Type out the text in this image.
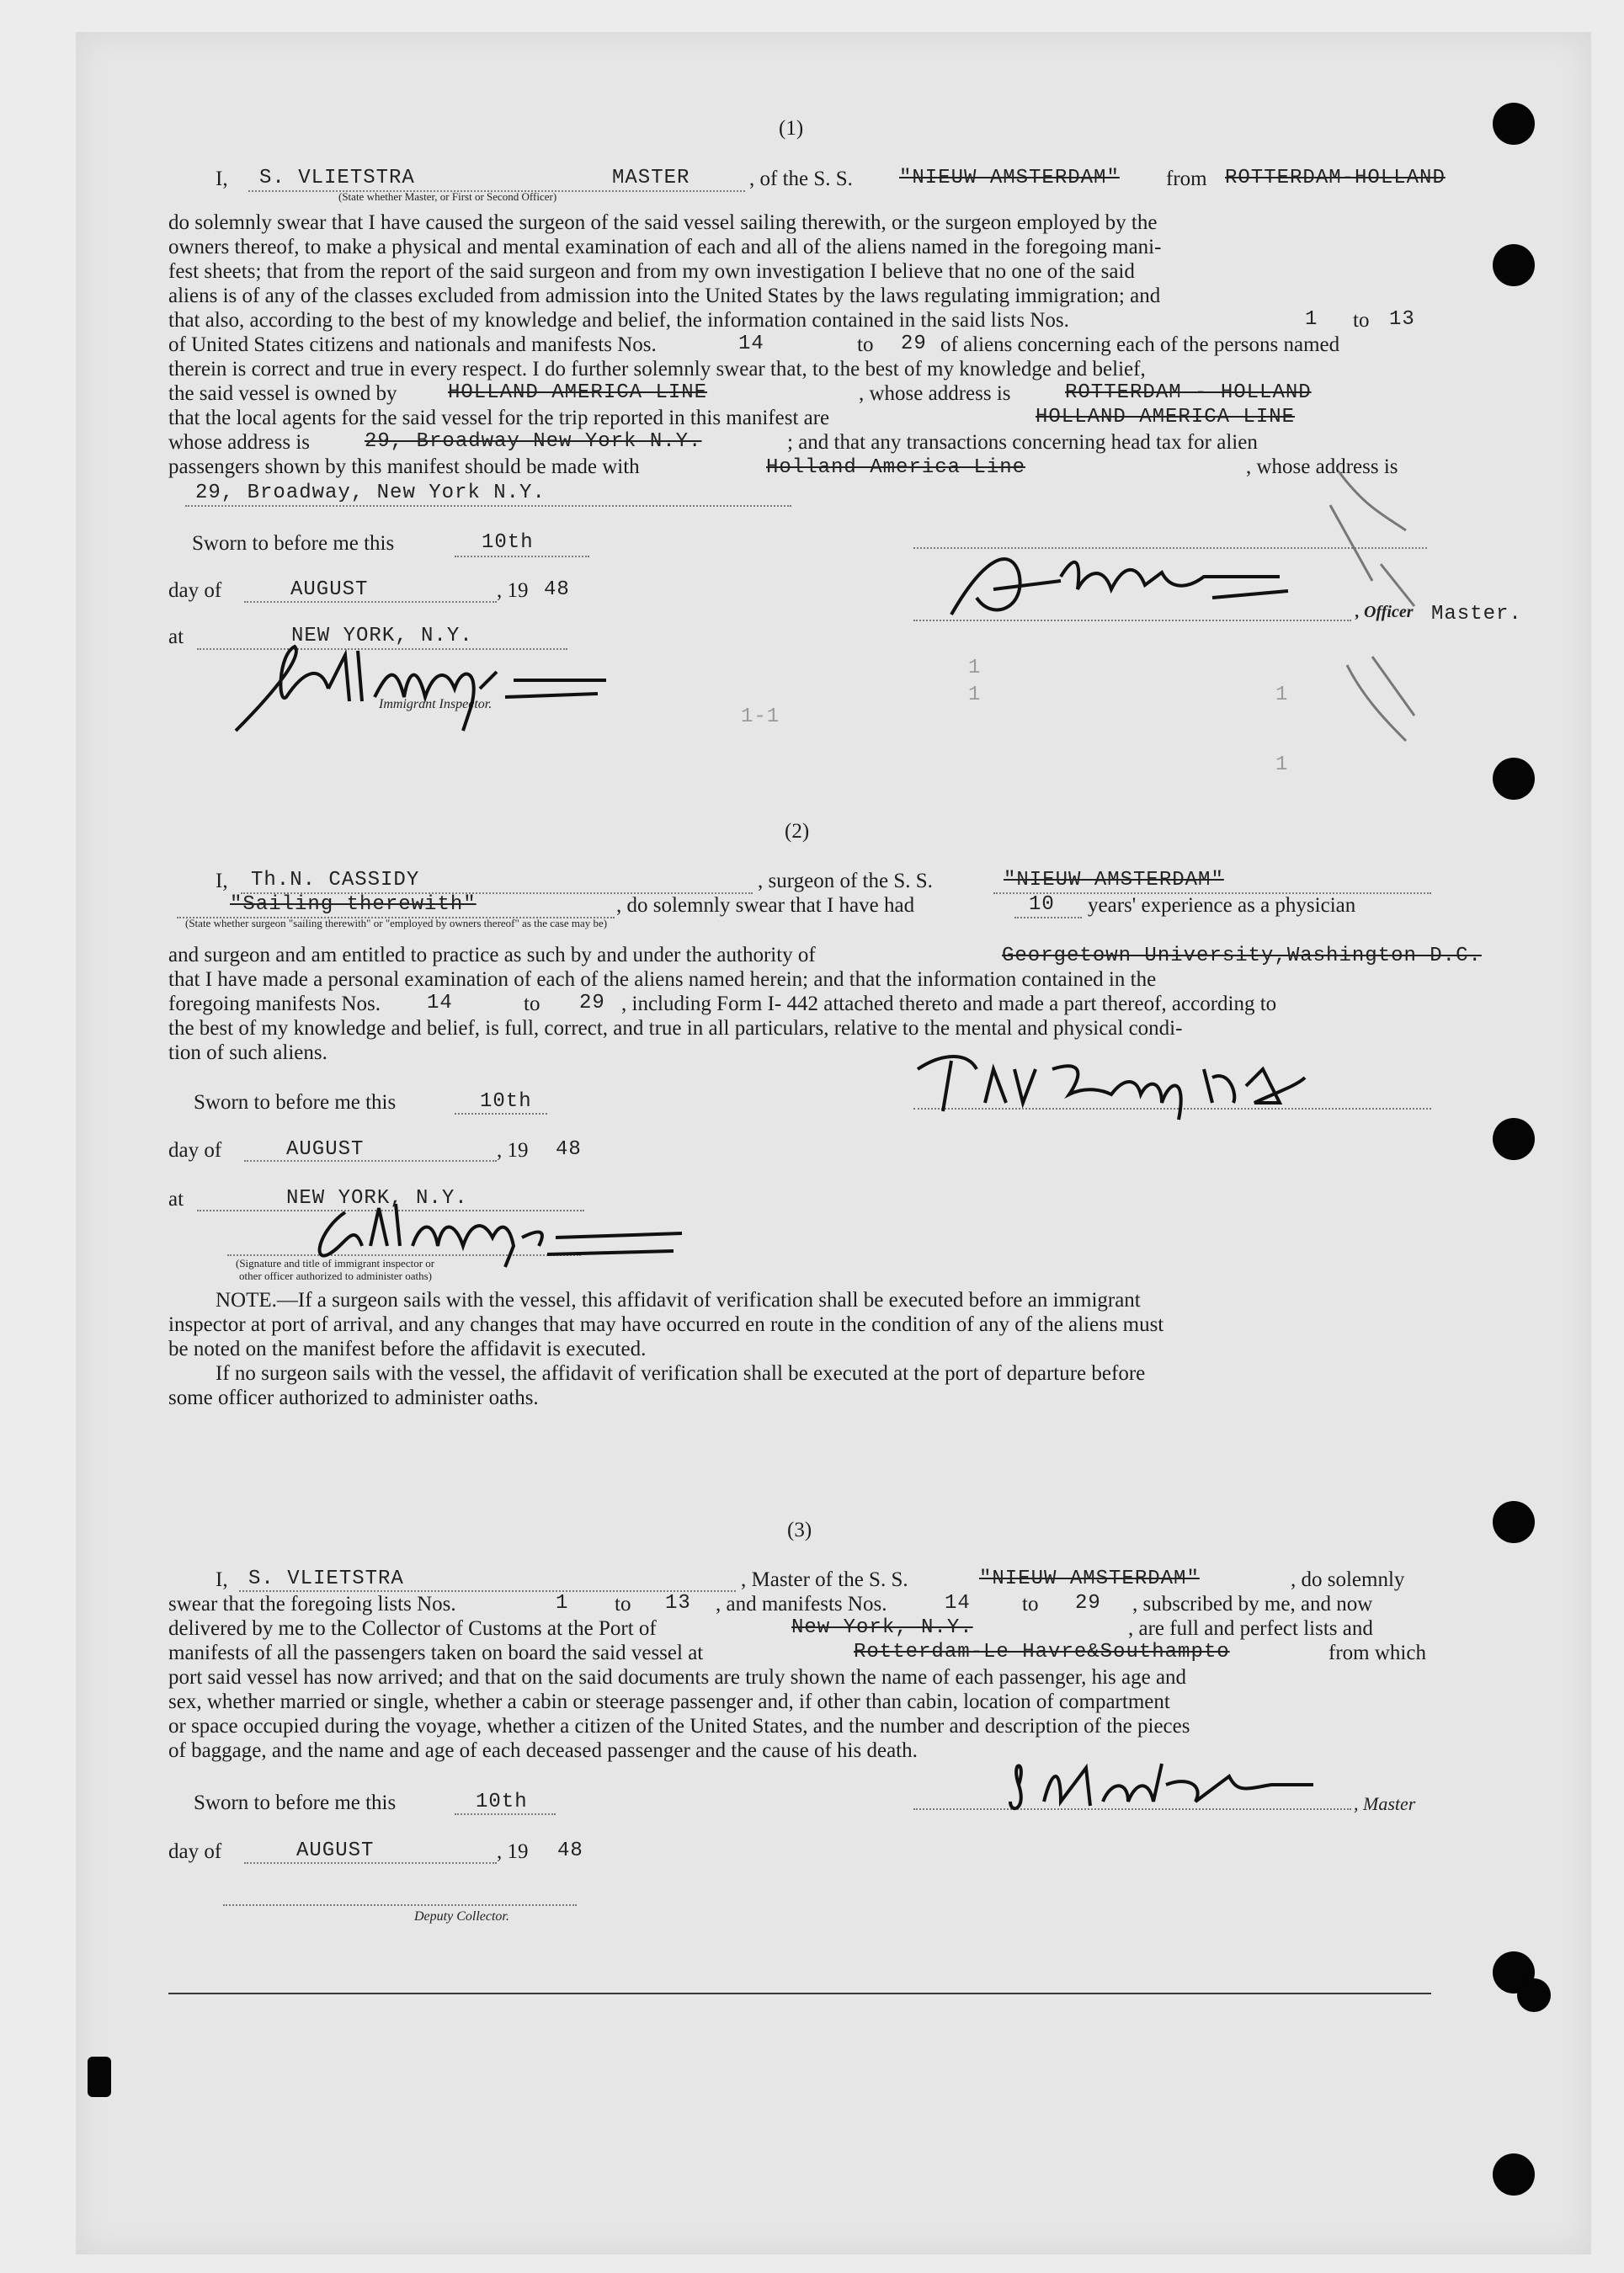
(1)
I, S. VLIETSTRA	MASTER
(State whether Master, or First or Second Officer)
, of the S. S. "NIEUW AMSTERDAM" from ROTTERDAM-HOLLAND
do solemnly swear that I have caused the surgeon of the said vessel sailing therewith, or the surgeon employed by the
owners thereof, to make a physical and mental examination of each and all of the aliens named in the foregoing mani-
fest sheets; that from the report of the said surgeon and from my own investigation I believe that no one of the said
aliens is of any of the classes excluded from admission into the United States by the laws regulating immigration; and
that also, according to the best of my knowledge and belief, the information contained in the said lists Nos.	1 to 13
of United States citizens and nationals and manifests Nos.	14	to 29 of aliens concerning each of the persons named
therein is correct and true in every respect. I do further solemnly swear that, to the best of my knowledge and belief,
the said vessel is owned by	HOLLAND AMERICA LINE	, whose address is	ROTTERDAM - HOLLAND
that the local agents for the said vessel for the trip reported in this manifest are	HOLLAND AMERICA LINE
whose address is	29, Broadway New York N.Y.	; and that any transactions concerning head tax for alien
passengers shown by this manifest should be made with	Holland America Line	, whose address is
29, Broadway, New York N.Y.
Sworn to before me this	10th
day of	AUGUST	, 19 48
at	NEW YORK, N.Y.
, Officer Master.
Immigrant Inspector.
1
1	1
1
1-1
(2)
I, Th.N. CASSIDY	, surgeon of the S. S.	"NIEUW AMSTERDAM"
"Sailing therewith"	, do solemnly swear that I have had	10 years' experience as a physician
(State whether surgeon "sailing therewith" or "employed by owners thereof" as the case may be)
and surgeon and am entitled to practice as such by and under the authority of	Georgetown University,Washington D.C.
that I have made a personal examination of each of the aliens named herein; and that the information contained in the
foregoing manifests Nos. 14	to 29 , including Form I- 442 attached thereto and made a part thereof, according to
the best of my knowledge and belief, is full, correct, and true in all particulars, relative to the mental and physical condi-
tion of such aliens.
Sworn to before me this	10th
day of	AUGUST	, 19 48
at	NEW YORK, N.Y.
(Signature and title of immigrant inspector or
other officer authorized to administer oaths)
NOTE.—If a surgeon sails with the vessel, this affidavit of verification shall be executed before an immigrant
inspector at port of arrival, and any changes that may have occurred en route in the condition of any of the aliens must
be noted on the manifest before the affidavit is executed.
If no surgeon sails with the vessel, the affidavit of verification shall be executed at the port of departure before
some officer authorized to administer oaths.
(3)
I, S. VLIETSTRA	, Master of the S. S.	"NIEUW AMSTERDAM"	, do solemnly
swear that the foregoing lists Nos.	1 to 13 , and manifests Nos.	14 to 29 , subscribed by me, and now
delivered by me to the Collector of Customs at the Port of	New York, N.Y.	, are full and perfect lists and
manifests of all the passengers taken on board the said vessel at	Rotterdam-Le Havre&Southampto	from which
port said vessel has now arrived; and that on the said documents are truly shown the name of each passenger, his age and
sex, whether married or single, whether a cabin or steerage passenger and, if other than cabin, location of compartment
or space occupied during the voyage, whether a citizen of the United States, and the number and description of the pieces
of baggage, and the name and age of each deceased passenger and the cause of his death.
Sworn to before me this	10th	, Master
day of	AUGUST	, 19 48
Deputy Collector.
